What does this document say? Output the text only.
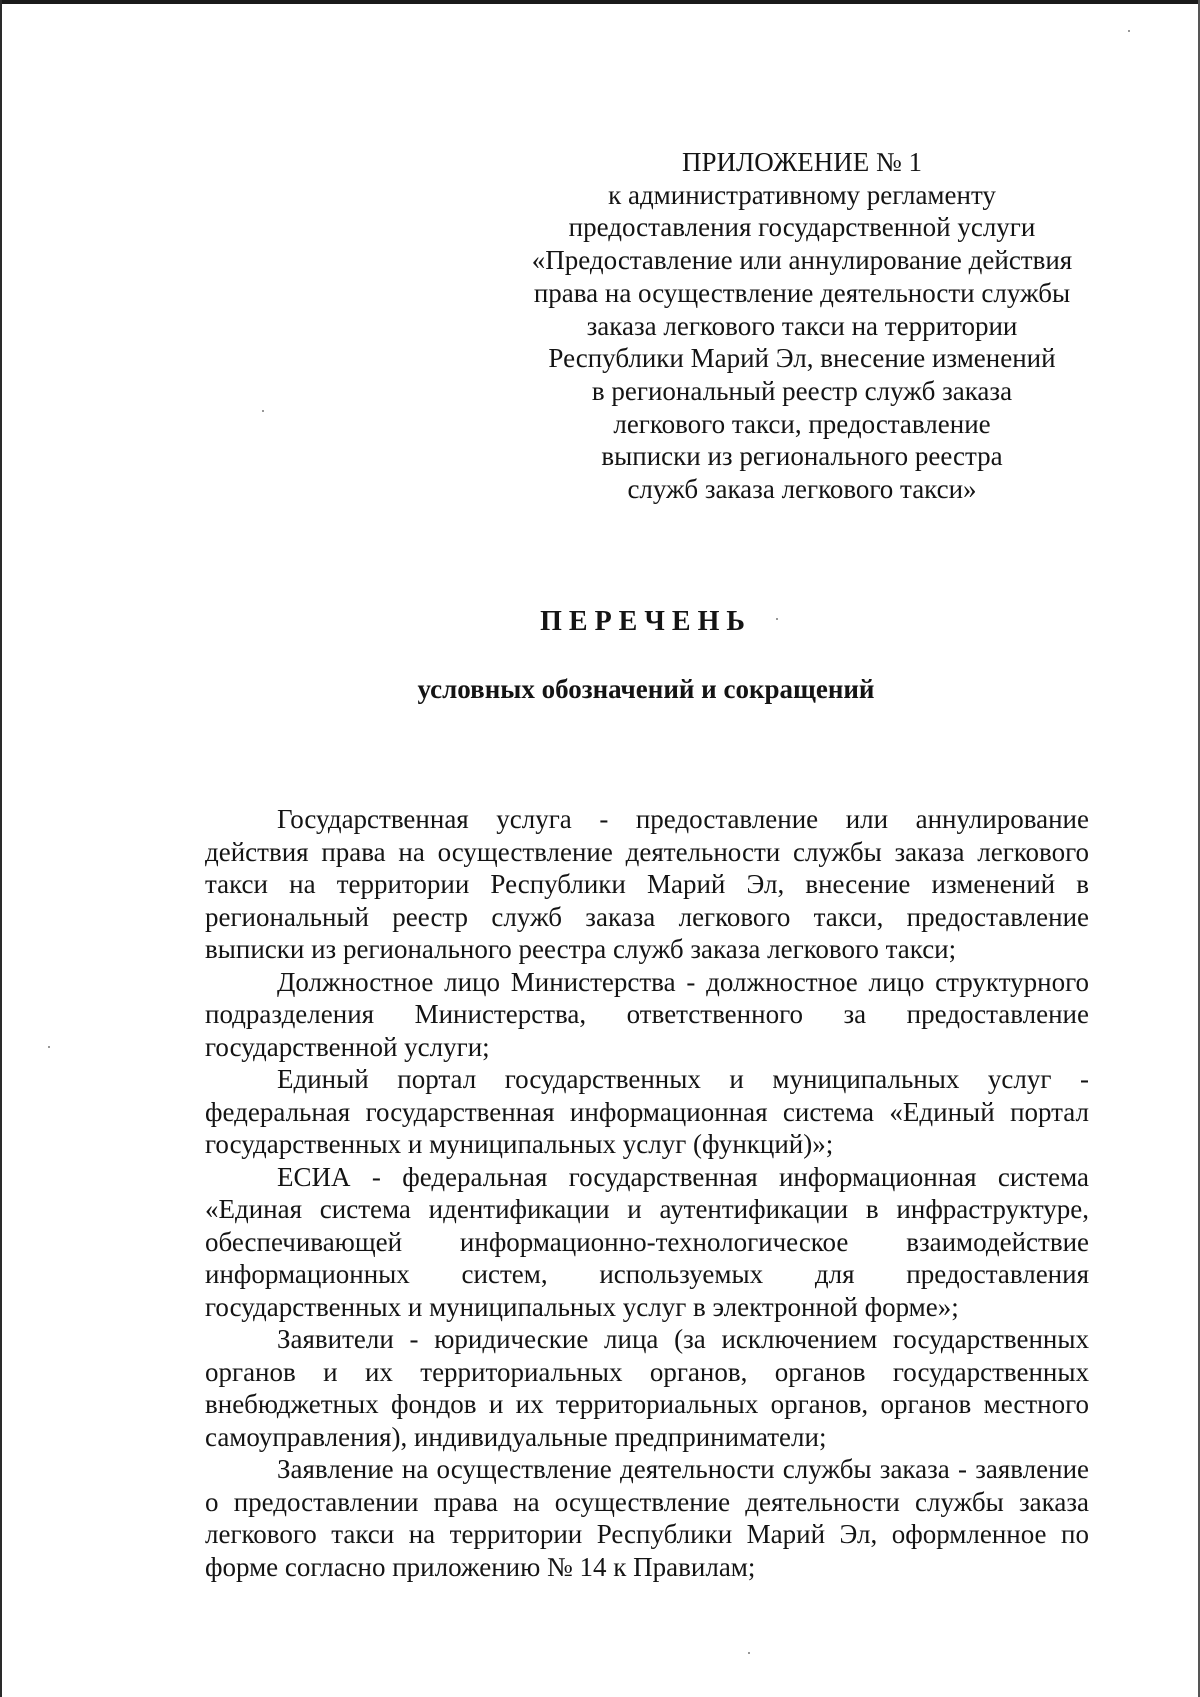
ПРИЛОЖЕНИЕ № 1
к административному регламенту
предоставления государственной услуги
«Предоставление или аннулирование действия
права на осуществление деятельности службы
заказа легкового такси на территории
Республики Марий Эл, внесение изменений
в региональный реестр служб заказа
легкового такси, предоставление
выписки из регионального реестра
служб заказа легкового такси»
ПЕРЕЧЕНЬ
условных обозначений и сокращений

Государственная услуга - предоставление или аннулирование действия права на осуществление деятельности службы заказа легкового такси на территории Республики Марий Эл, внесение изменений в региональный реестр служб заказа легкового такси, предоставление выписки из регионального реестра служб заказа легкового такси;

Должностное лицо Министерства - должностное лицо структурного подразделения Министерства, ответственного за предоставление государственной услуги;

Единый портал государственных и муниципальных услуг - федеральная государственная информационная система «Единый портал государственных и муниципальных услуг (функций)»;

ЕСИА - федеральная государственная информационная система «Единая система идентификации и аутентификации в инфраструктуре, обеспечивающей информационно-технологическое взаимодействие информационных систем, используемых для предоставления государственных и муниципальных услуг в электронной форме»;

Заявители - юридические лица (за исключением государственных органов и их территориальных органов, органов государственных внебюджетных фондов и их территориальных органов, органов местного самоуправления), индивидуальные предприниматели;

Заявление на осуществление деятельности службы заказа - заявление о предоставлении права на осуществление деятельности службы заказа легкового такси на территории Республики Марий Эл, оформленное по форме согласно приложению № 14 к Правилам;
